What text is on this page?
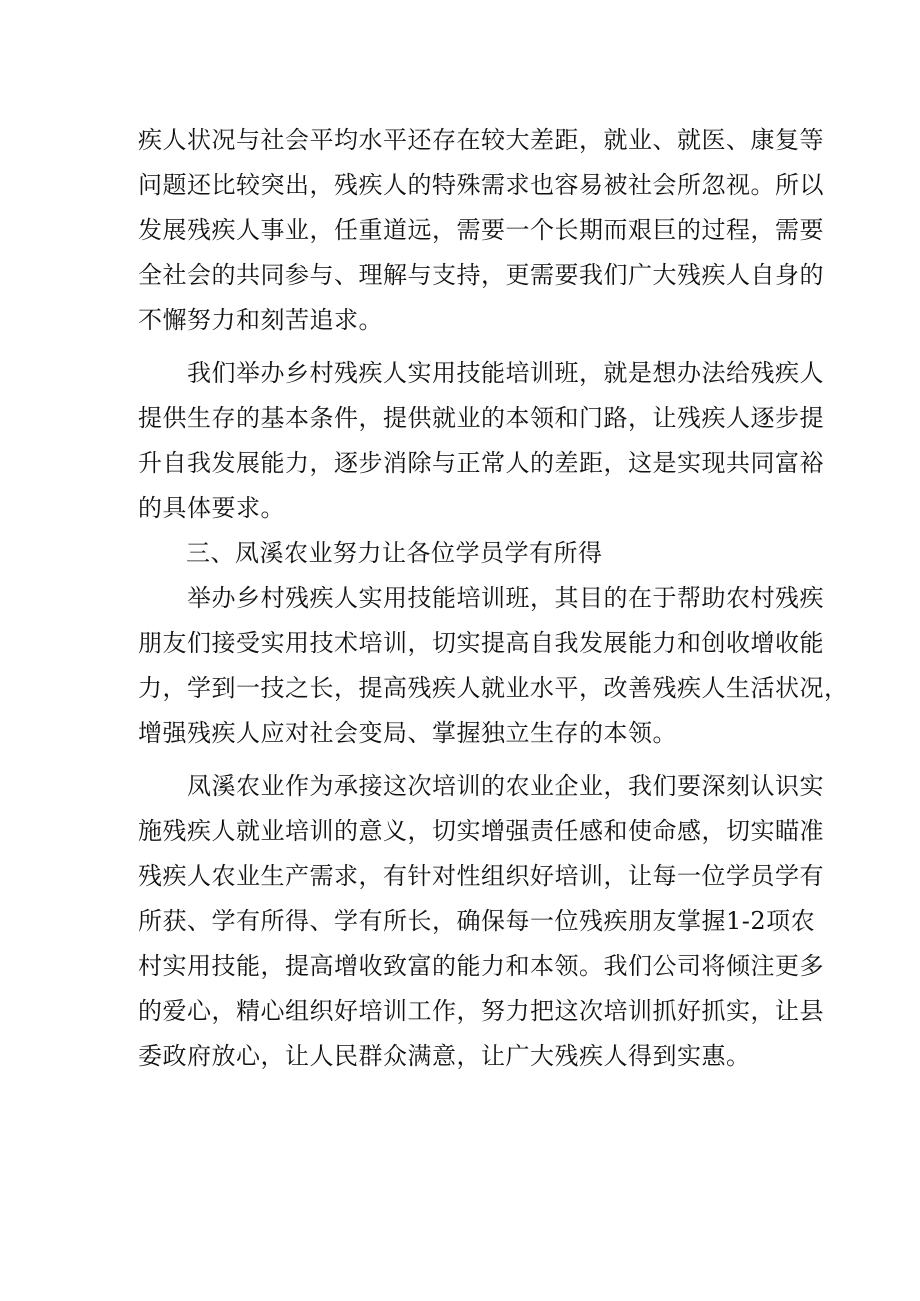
疾人状况与社会平均水平还存在较大差距，就业、就医、康复等
问题还比较突出，残疾人的特殊需求也容易被社会所忽视。所以
发展残疾人事业，任重道远，需要一个长期而艰巨的过程，需要
全社会的共同参与、理解与支持，更需要我们广大残疾人自身的
不懈努力和刻苦追求。
　　我们举办乡村残疾人实用技能培训班，就是想办法给残疾人
提供生存的基本条件，提供就业的本领和门路，让残疾人逐步提
升自我发展能力，逐步消除与正常人的差距，这是实现共同富裕
的具体要求。
三、凤溪农业努力让各位学员学有所得
　　举办乡村残疾人实用技能培训班，其目的在于帮助农村残疾
朋友们接受实用技术培训，切实提高自我发展能力和创收增收能
力，学到一技之长，提高残疾人就业水平，改善残疾人生活状况，
增强残疾人应对社会变局、掌握独立生存的本领。
　　凤溪农业作为承接这次培训的农业企业，我们要深刻认识实
施残疾人就业培训的意义，切实增强责任感和使命感，切实瞄准
残疾人农业生产需求，有针对性组织好培训，让每一位学员学有
所获、学有所得、学有所长，确保每一位残疾朋友掌握1-2项农
村实用技能，提高增收致富的能力和本领。我们公司将倾注更多
的爱心，精心组织好培训工作，努力把这次培训抓好抓实，让县
委政府放心，让人民群众满意，让广大残疾人得到实惠。
